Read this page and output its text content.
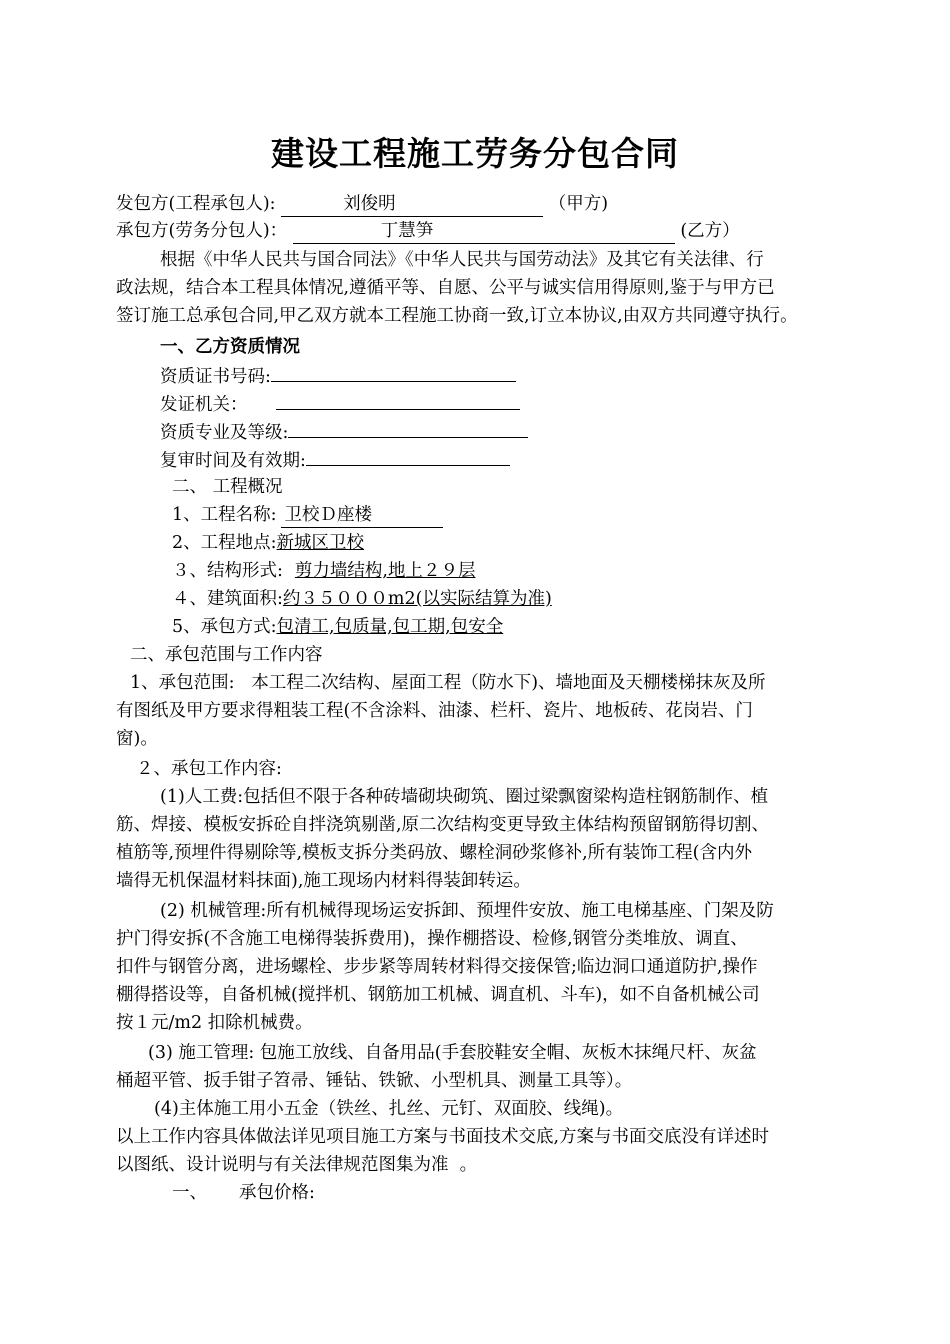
建设工程施工劳务分包合同
发包方(工程承包人):	刘俊明	（甲方)
承包方(劳务分包人)：	丁慧笋	(乙方）
根据《中华人民共与国合同法》《中华人民共与国劳动法》及其它有关法律、行
政法规，结合本工程具体情况,遵循平等、自愿、公平与诚实信用得原则,鉴于与甲方已
签订施工总承包合同,甲乙双方就本工程施工协商一致,订立本协议,由双方共同遵守执行。
一、乙方资质情况
资质证书号码:
发证机关：
资质专业及等级:
复审时间及有效期:
二、 工程概况
1、工程名称: 卫校Ｄ座楼
2、工程地点:新城区卫校
３、结构形式: 剪力墙结构,地上２９层
４、建筑面积:约３５０００m2(以实际结算为准)
5、承包方式:包清工,包质量,包工期,包安全
二、承包范围与工作内容
1、承包范围:   本工程二次结构、屋面工程（防水下)、墙地面及天棚楼梯抹灰及所
有图纸及甲方要求得粗装工程(不含涂料、油漆、栏杆、瓷片、地板砖、花岗岩、门
窗)。
２、承包工作内容:
(1)人工费:包括但不限于各种砖墙砌块砌筑、圈过梁飘窗梁构造柱钢筋制作、植
筋、焊接、模板安拆砼自拌浇筑剔凿,原二次结构变更导致主体结构预留钢筋得切割、
植筋等,预埋件得剔除等,模板支拆分类码放、螺栓洞砂浆修补,所有装饰工程(含内外
墙得无机保温材料抹面),施工现场内材料得装卸转运。
(2) 机械管理:所有机械得现场运安拆卸、预埋件安放、施工电梯基座、门架及防
护门得安拆(不含施工电梯得装拆费用)，操作棚搭设、检修,钢管分类堆放、调直、
扣件与钢管分离，进场螺栓、步步紧等周转材料得交接保管;临边洞口通道防护,操作
棚得搭设等，自备机械(搅拌机、钢筋加工机械、调直机、斗车)，如不自备机械公司
按１元/m2 扣除机械费。
(3) 施工管理: 包施工放线、自备用品(手套胶鞋安全帽、灰板木抹绳尺杆、灰盆
桶超平管、扳手钳子笤帚、锤钻、铁锨、小型机具、测量工具等）。
(4)主体施工用小五金（铁丝、扎丝、元钉、双面胶、线绳)。
以上工作内容具体做法详见项目施工方案与书面技术交底,方案与书面交底没有详述时
以图纸、设计说明与有关法律规范图集为准  。
一、 承包价格:
